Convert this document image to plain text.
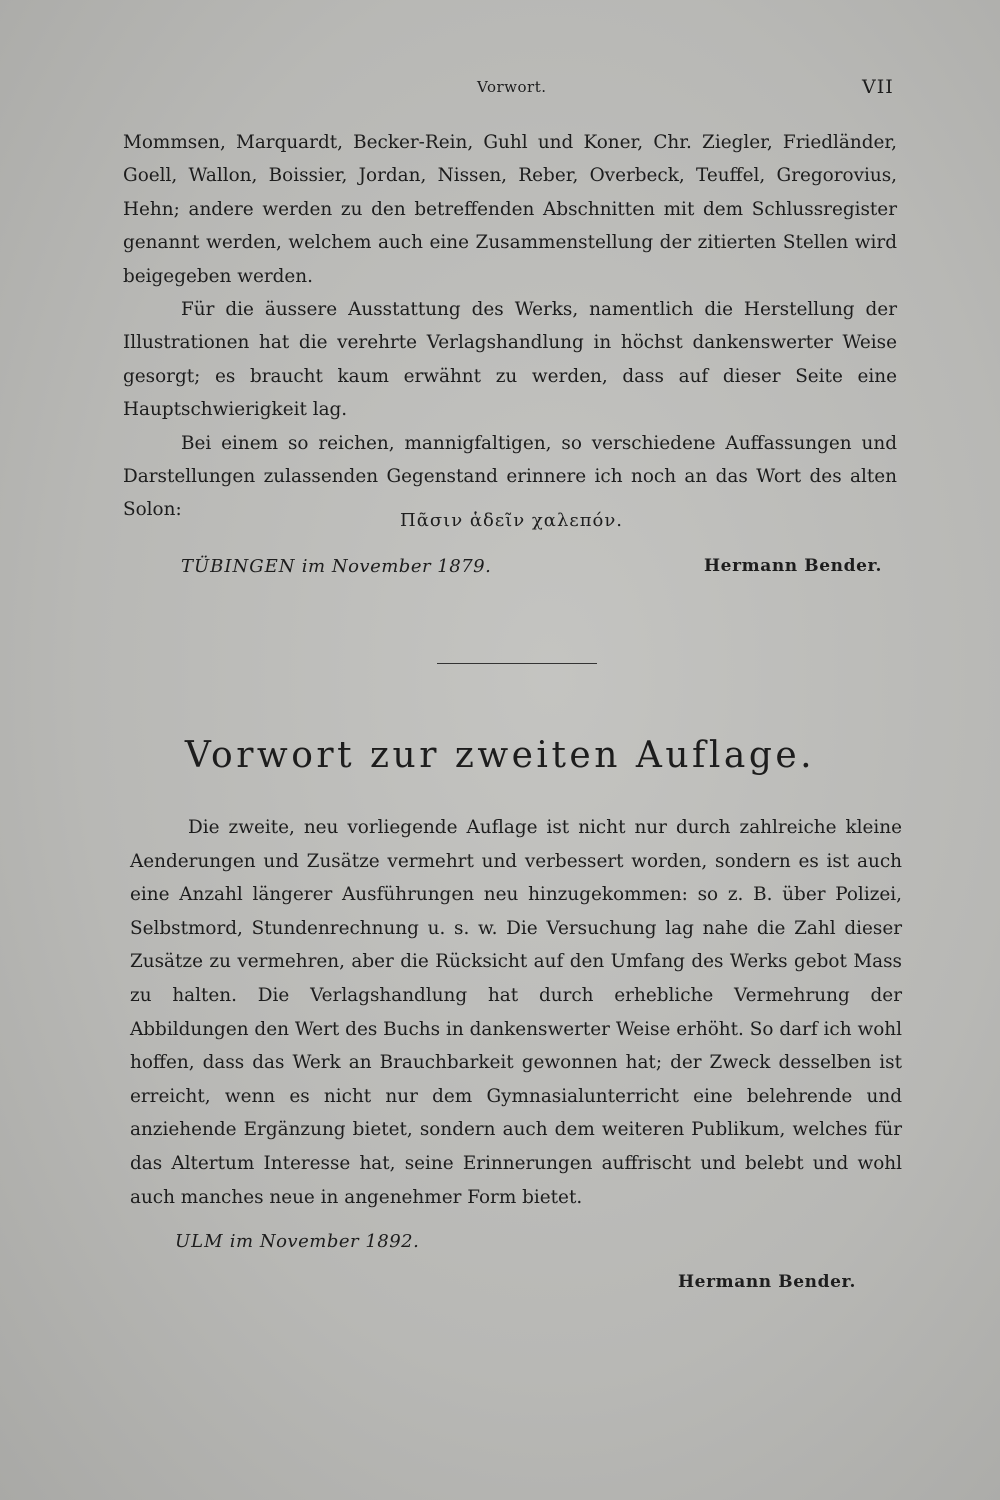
Vorwort.	VII

Mommsen, Marquardt, Becker-Rein, Guhl und Koner, Chr. Ziegler, Friedländer, Goell, Wallon, Boissier, Jordan, Nissen, Reber, Overbeck, Teuffel, Gregorovius, Hehn; andere werden zu den betreffenden Abschnitten mit dem Schlussregister genannt werden, welchem auch eine Zusammenstellung der zitierten Stellen wird beigegeben werden.

Für die äussere Ausstattung des Werks, namentlich die Herstellung der Illustrationen hat die verehrte Verlagshandlung in höchst dankenswerter Weise gesorgt; es braucht kaum erwähnt zu werden, dass auf dieser Seite eine Hauptschwierigkeit lag.

Bei einem so reichen, mannigfaltigen, so verschiedene Auffassungen und Darstellungen zulassenden Gegenstand erinnere ich noch an das Wort des alten Solon:

Πᾶσιν ἁδεῖν χαλεπόν.
TÜBINGEN im November 1879.	Hermann Bender.
Vorwort zur zweiten Auflage.

Die zweite, neu vorliegende Auflage ist nicht nur durch zahlreiche kleine Aenderungen und Zusätze vermehrt und verbessert worden, sondern es ist auch eine Anzahl längerer Ausführungen neu hinzugekommen: so z. B. über Polizei, Selbstmord, Stundenrechnung u. s. w. Die Versuchung lag nahe die Zahl dieser Zusätze zu vermehren, aber die Rücksicht auf den Umfang des Werks gebot Mass zu halten. Die Verlagshandlung hat durch erhebliche Vermehrung der Abbildungen den Wert des Buchs in dankenswerter Weise erhöht. So darf ich wohl hoffen, dass das Werk an Brauchbarkeit gewonnen hat; der Zweck desselben ist erreicht, wenn es nicht nur dem Gymnasialunterricht eine belehrende und anziehende Ergänzung bietet, sondern auch dem weiteren Publikum, welches für das Altertum Interesse hat, seine Erinnerungen auffrischt und belebt und wohl auch manches neue in angenehmer Form bietet.

ULM im November 1892.
Hermann Bender.
